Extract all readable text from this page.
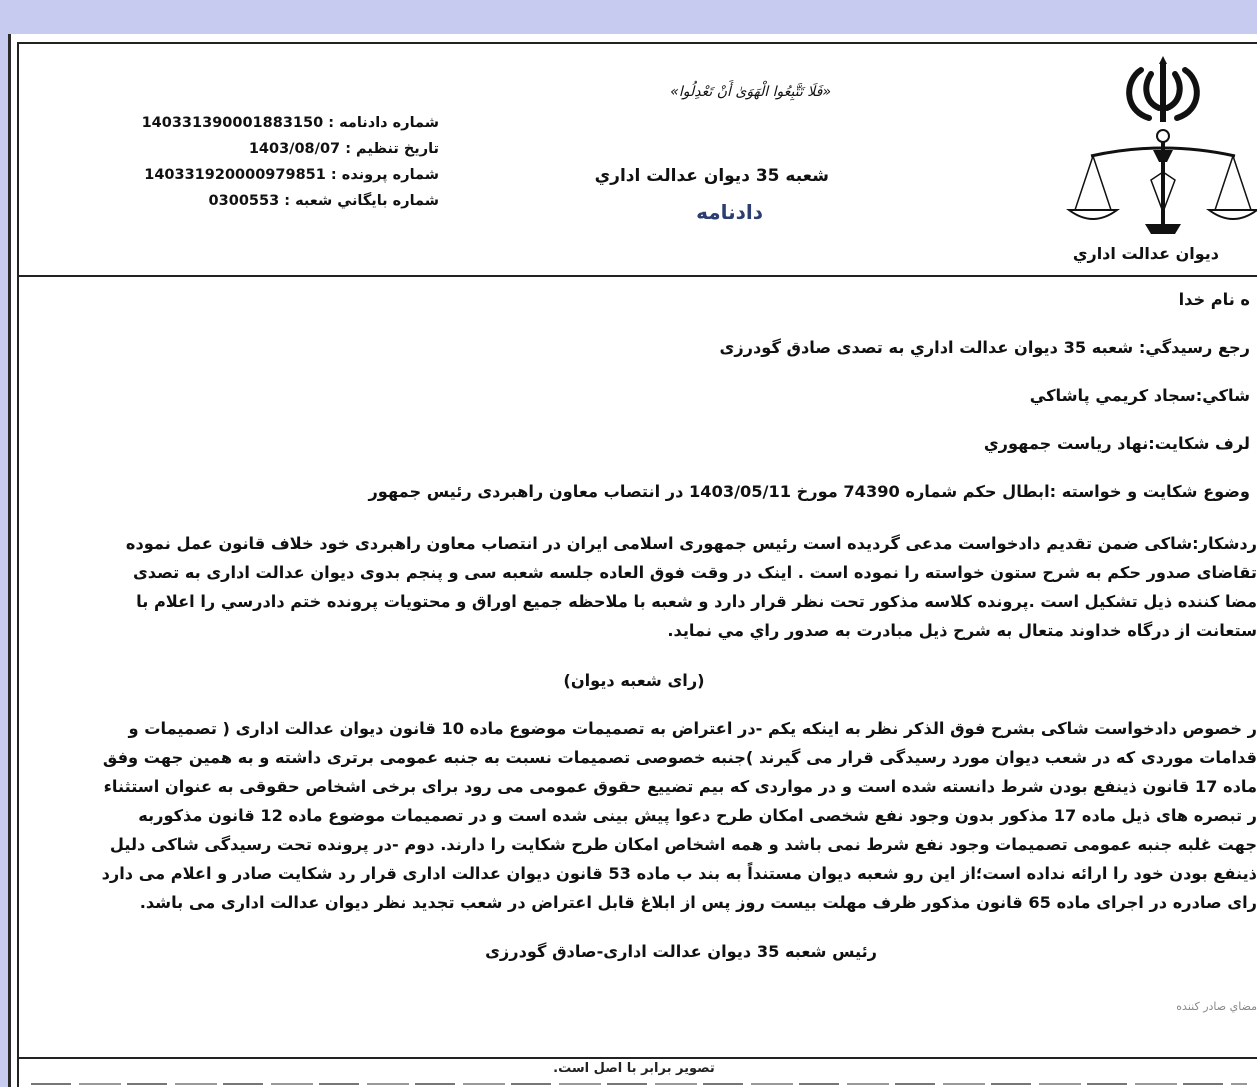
شماره دادنامه : 140331390001883150
تاریخ تنظيم : 1403/08/07
شماره پرونده : 140331920000979851
شماره بايگاني شعبه : 0300553
«فَلَا تَتَّبِعُوا الْهَوَىٰ أَنْ تَعْدِلُوا»
شعبه 35 ديوان عدالت اداري
دادنامه
ديوان عدالت اداري
ه نام خدا
رجع رسيدگي: شعبه 35 ديوان عدالت اداري به تصدی صادق گودرزی
شاكي:سجاد كريمي پاشاكي
لرف شكايت:نهاد رياست جمهوري
وضوع شكايت و خواسته :ابطال حکم شماره 74390 مورخ 1403/05/11 در انتصاب معاون راهبردی رئیس جمهور
ردشكار:شاکی ضمن تقدیم دادخواست مدعی گردیده است رئیس جمهوری اسلامی ایران در انتصاب معاون راهبردی خود خلاف قانون عمل نموده
تقاضای صدور حکم به شرح ستون خواسته را نموده است . اینک در وقت فوق العاده جلسه شعبه سی و پنجم بدوی دیوان عدالت اداری به تصدی
مضا كننده ذيل تشكيل است .پرونده كلاسه مذكور تحت نظر قرار دارد و شعبه با ملاحظه جميع اوراق و محتويات پرونده ختم دادرسي را اعلام با
ستعانت از درگاه خداوند متعال به شرح ذيل مبادرت به صدور راي مي نمايد.
(رای شعبه دیوان)
ر خصوص دادخواست شاکی بشرح فوق الذکر نظر به اینکه یکم -در اعتراض به تصمیمات موضوع ماده 10 قانون دیوان عدالت اداری ( تصمیمات و
قدامات موردی که در شعب دیوان مورد رسیدگی قرار می گیرند )جنبه خصوصی تصمیمات نسبت به جنبه عمومی برتری داشته و به همین جهت وفق
ماده 17 قانون ذینفع بودن شرط دانسته شده است و در مواردی که بیم تضییع حقوق عمومی می رود برای برخی اشخاص حقوقی به عنوان استثناء
ر تبصره های ذیل ماده 17 مذکور بدون وجود نفع شخصی امکان طرح دعوا پیش بینی شده است و در تصمیمات موضوع ماده 12 قانون مذکوربه
جهت غلبه جنبه عمومی تصمیمات وجود نفع شرط نمی باشد و همه اشخاص امکان طرح شکایت را دارند. دوم -در پرونده تحت رسیدگی شاکی دلیل
ذینفع بودن خود را ارائه نداده است؛از این رو شعبه دیوان مستنداً به بند ب ماده 53 قانون دیوان عدالت اداری قرار رد شکایت صادر و اعلام می دارد
رای صادره در اجرای ماده 65 قانون مذکور ظرف مهلت بیست روز پس از ابلاغ قابل اعتراض در شعب تجدید نظر دیوان عدالت اداری می باشد.
رئیس شعبه 35 دیوان عدالت اداری-صادق گودرزی
مضاي صادر كننده
تصوير برابر با اصل است.
